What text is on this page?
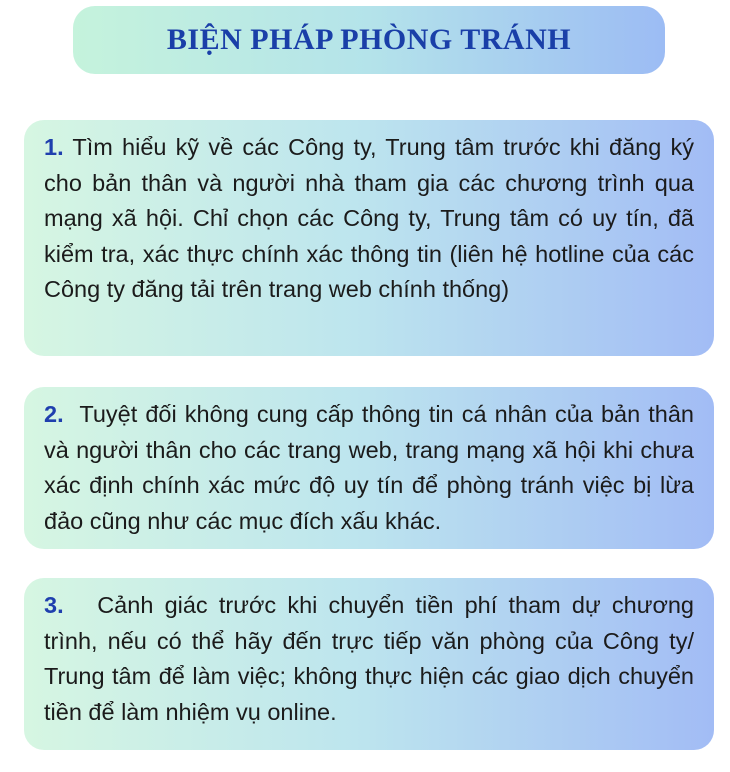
BIỆN PHÁP PHÒNG TRÁNH

1. Tìm hiểu kỹ về các Công ty, Trung tâm trước khi đăng ký cho bản thân và người nhà tham gia các chương trình qua mạng xã hội. Chỉ chọn các Công ty, Trung tâm có uy tín, đã kiểm tra, xác thực chính xác thông tin (liên hệ hotline của các Công ty đăng tải trên trang web chính thống)

2. Tuyệt đối không cung cấp thông tin cá nhân của bản thân và người thân cho các trang web, trang mạng xã hội khi chưa xác định chính xác mức độ uy tín để phòng tránh việc bị lừa đảo cũng như các mục đích xấu khác.

3. Cảnh giác trước khi chuyển tiền phí tham dự chương trình, nếu có thể hãy đến trực tiếp văn phòng của Công ty/ Trung tâm để làm việc; không thực hiện các giao dịch chuyển tiền để làm nhiệm vụ online.
